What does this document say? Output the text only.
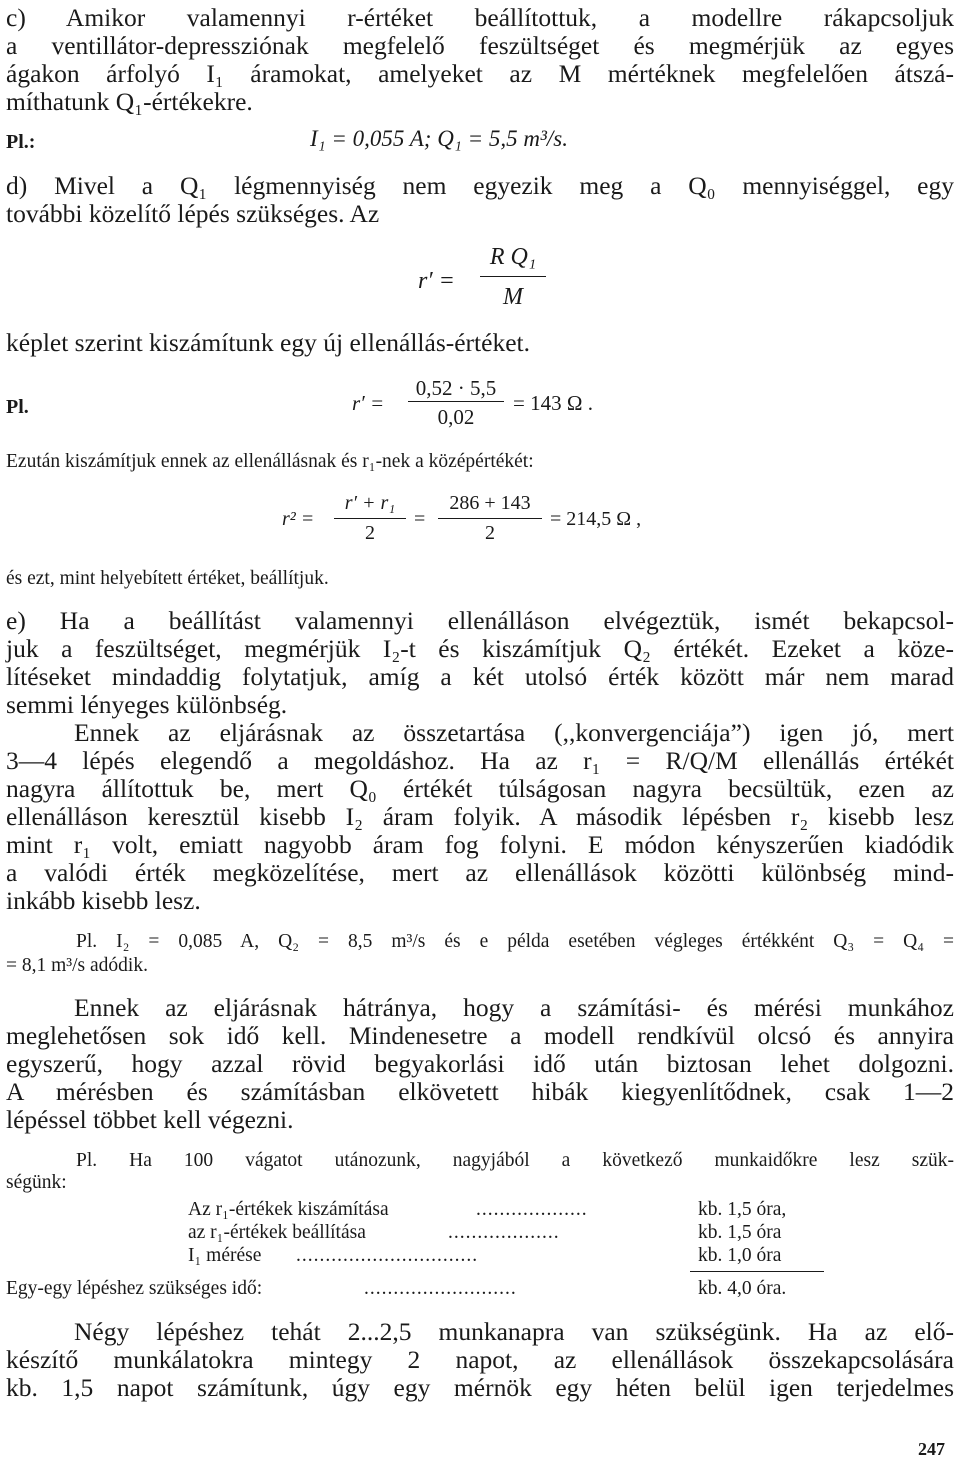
c) Amikor valamennyi r-értéket beállítottuk, a modellre rákapcsoljuk
a ventillátor-depressziónak megfelelő feszültséget és megmérjük az egyes
ágakon árfolyó I₁ áramokat, amelyeket az M mértéknek megfelelően átszá-
míthatunk Q₁-értékekre.
Pl.:	I₁ = 0,055 A; Q₁ = 5,5 m³/s.
d) Mivel a Q₁ légmennyiség nem egyezik meg a Q₀ mennyiséggel, egy
további közelítő lépés szükséges. Az
r′ =
R Q₁
M
képlet szerint kiszámítunk egy új ellenállás-értéket.
Pl.	r′ =
0,52 · 5,5
0,02
= 143 Ω .
Ezután kiszámítjuk ennek az ellenállásnak és r₁-nek a középértékét:
r² =
r′ + r₁
2
=
286 + 143
2
= 214,5 Ω ,
és ezt, mint helyebített értéket, beállítjuk.
e) Ha a beállítást valamennyi ellenálláson elvégeztük, ismét bekapcsol-
juk a feszültséget, megmérjük I₂-t és kiszámítjuk Q₂ értékét. Ezeket a köze-
lítéseket mindaddig folytatjuk, amíg a két utolsó érték között már nem marad
semmi lényeges különbség.
Ennek az eljárásnak az összetartása (,,konvergenciája”) igen jó, mert
3—4 lépés elegendő a megoldáshoz. Ha az r₁ = R/Q/M ellenállás értékét
nagyra állítottuk be, mert Q₀ értékét túlságosan nagyra becsültük, ezen az
ellenálláson keresztül kisebb I₂ áram folyik. A második lépésben r₂ kisebb lesz
mint r₁ volt, emiatt nagyobb áram fog folyni. E módon kényszerűen kiadódik
a valódi érték megközelítése, mert az ellenállások közötti különbség mind-
inkább kisebb lesz.
Pl. I₂ = 0,085 A, Q₂ = 8,5 m³/s és e példa esetében végleges értékként Q₃ = Q₄ =
= 8,1 m³/s adódik.
Ennek az eljárásnak hátránya, hogy a számítási- és mérési munkához
meglehetősen sok idő kell. Mindenesetre a modell rendkívül olcsó és annyira
egyszerű, hogy azzal rövid begyakorlási idő után biztosan lehet dolgozni.
A mérésben és számításban elkövetett hibák kiegyenlítődnek, csak 1—2
lépéssel többet kell végezni.
Pl. Ha 100 vágatot utánozunk, nagyjából a következő munkaidőkre lesz szük-
ségünk:
Az r₁-értékek kiszámítása	...................	kb. 1,5 óra,
az r₁-értékek beállítása	...................	kb. 1,5 óra
I₁ mérése ...............................	kb. 1,0 óra
Egy-egy lépéshez szükséges idő:	..........................	kb. 4,0 óra.
Négy lépéshez tehát 2...2,5 munkanapra van szükségünk. Ha az elő-
készítő munkálatokra mintegy 2 napot, az ellenállások összekapcsolására
kb. 1,5 napot számítunk, úgy egy mérnök egy héten belül igen terjedelmes
247
